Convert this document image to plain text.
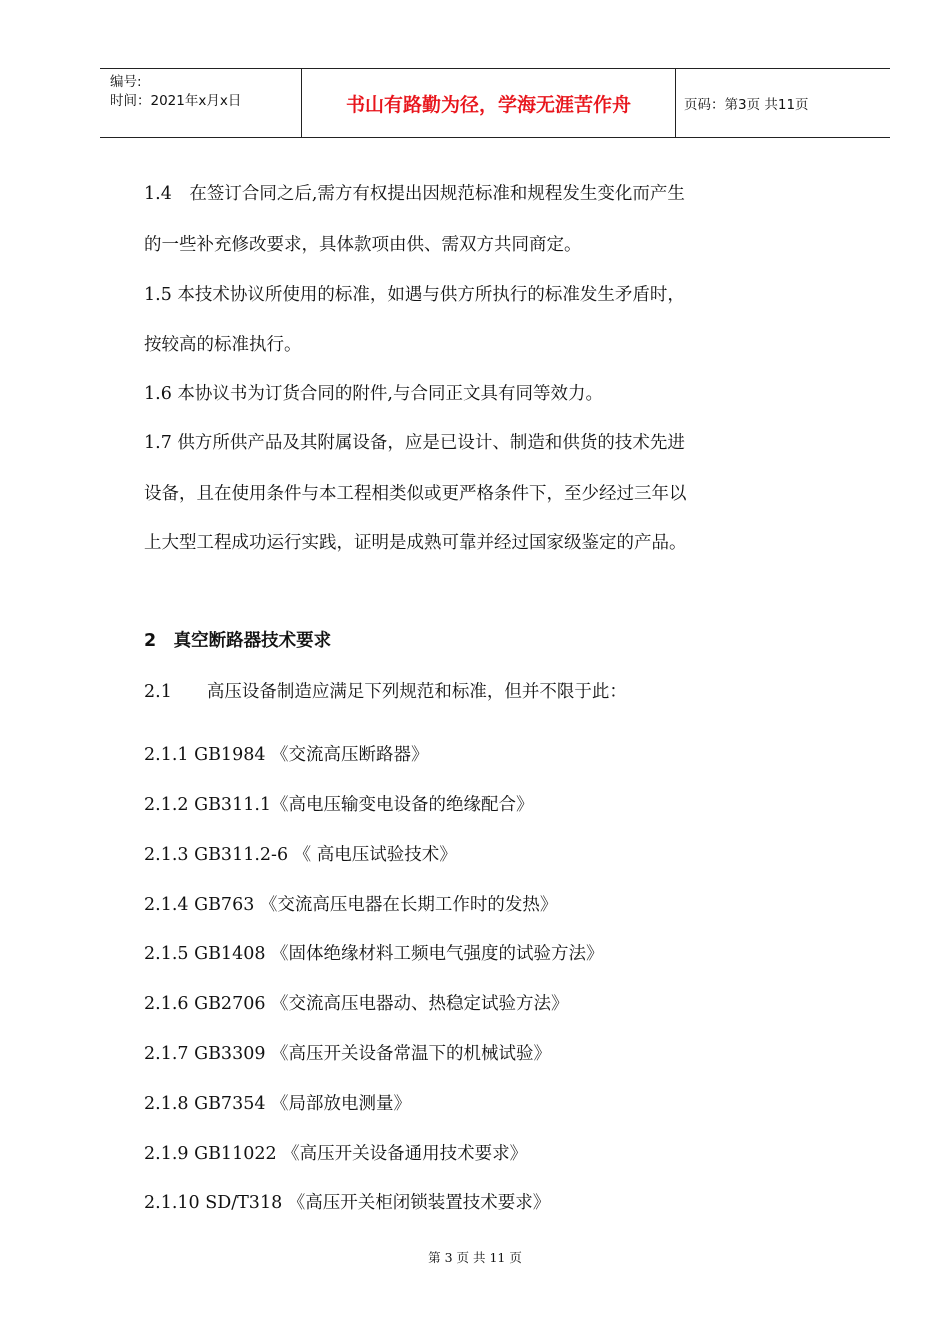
编号:
时间：2021年x月x日	书山有路勤为径，学海无涯苦作舟	页码：第3页 共11页
1.4　在签订合同之后,需方有权提出因规范标准和规程发生变化而产生
的一些补充修改要求，具体款项由供、需双方共同商定。
1.5 本技术协议所使用的标准，如遇与供方所执行的标准发生矛盾时，
按较高的标准执行。
1.6 本协议书为订货合同的附件,与合同正文具有同等效力。
1.7 供方所供产品及其附属设备，应是已设计、制造和供货的技术先进
设备，且在使用条件与本工程相类似或更严格条件下，至少经过三年以
上大型工程成功运行实践，证明是成熟可靠并经过国家级鉴定的产品。
2　真空断路器技术要求
2.1　　高压设备制造应满足下列规范和标准，但并不限于此：
2.1.1 GB1984 《交流高压断路器》
2.1.2 GB311.1《高电压输变电设备的绝缘配合》
2.1.3 GB311.2-6 《 高电压试验技术》
2.1.4 GB763 《交流高压电器在长期工作时的发热》
2.1.5 GB1408 《固体绝缘材料工频电气强度的试验方法》
2.1.6 GB2706 《交流高压电器动、热稳定试验方法》
2.1.7 GB3309 《高压开关设备常温下的机械试验》
2.1.8 GB7354 《局部放电测量》
2.1.9 GB11022 《高压开关设备通用技术要求》
2.1.10 SD/T318 《高压开关柜闭锁装置技术要求》
第 3 页 共 11 页
